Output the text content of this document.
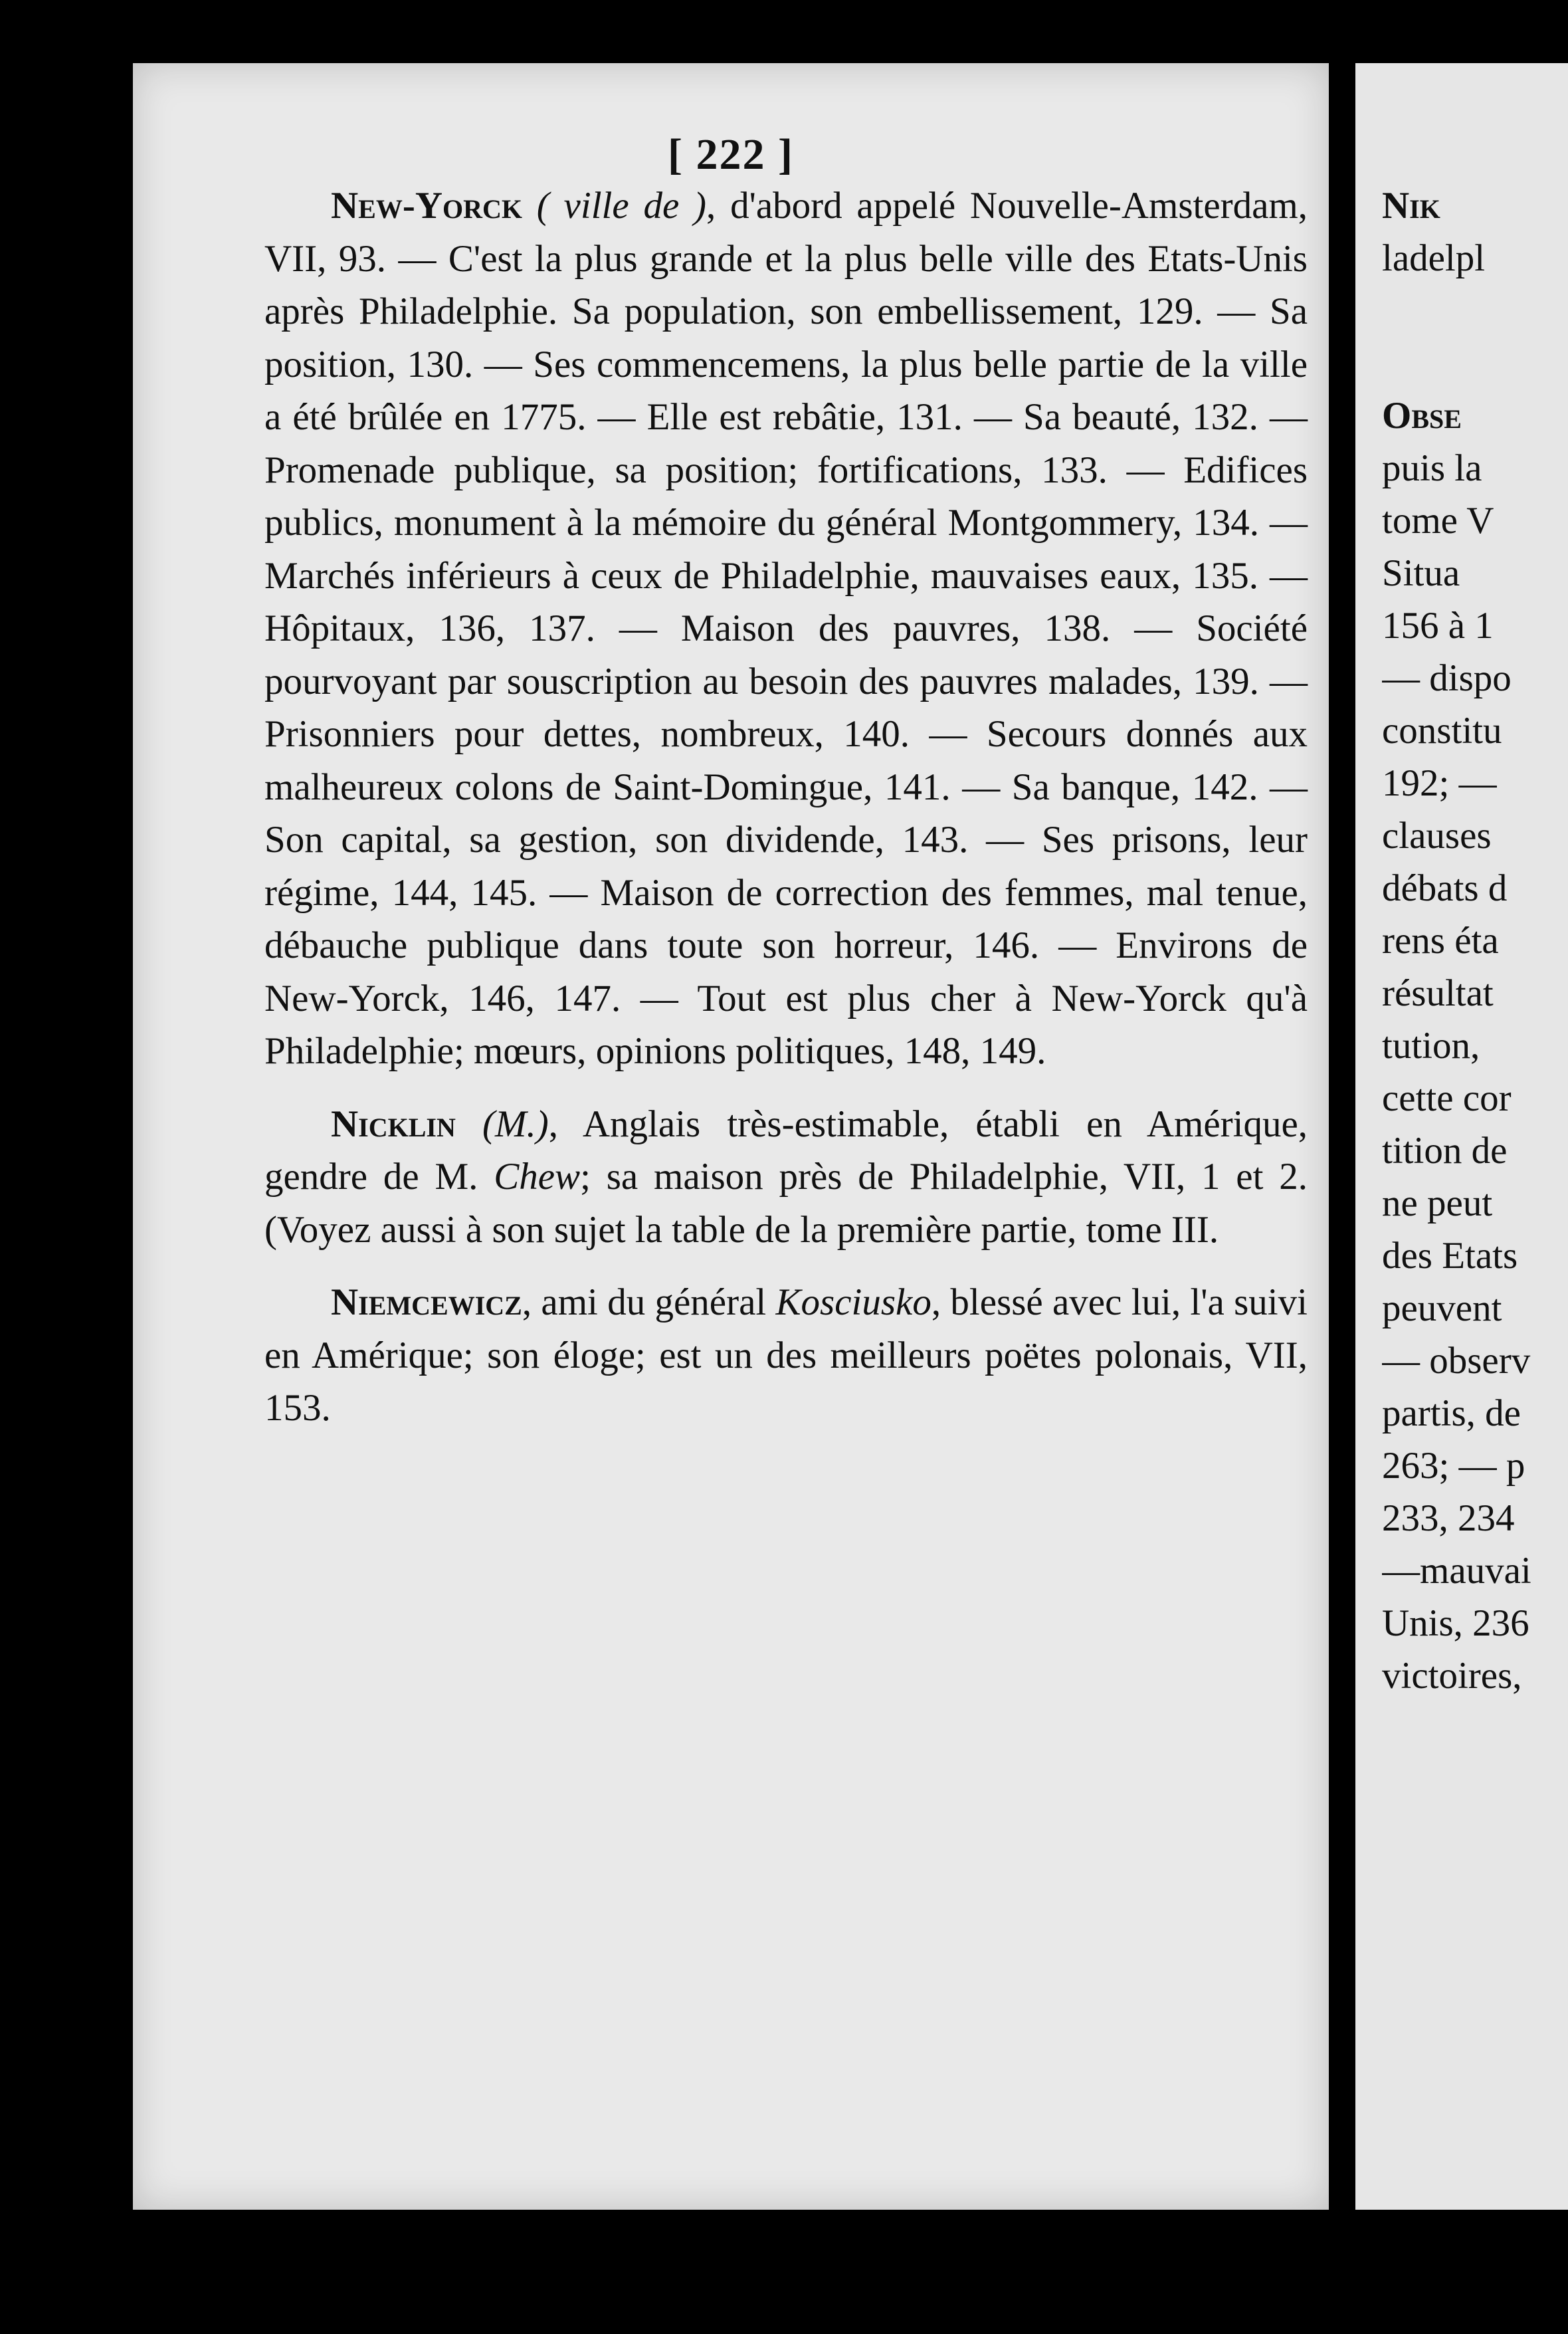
[ 222 ]

New-Yorck ( ville de ), d'abord appelé Nouvelle-Amsterdam, VII, 93. — C'est la plus grande et la plus belle ville des Etats-Unis après Philadelphie. Sa population, son embellissement, 129. — Sa position, 130. — Ses commencemens, la plus belle partie de la ville a été brûlée en 1775. — Elle est rebâtie, 131. — Sa beauté, 132. — Promenade publique, sa position; fortifications, 133. — Edifices publics, monument à la mémoire du général Montgommery, 134. — Marchés inférieurs à ceux de Philadelphie, mauvaises eaux, 135. — Hôpitaux, 136, 137. — Maison des pauvres, 138. — Société pourvoyant par souscription au besoin des pauvres malades, 139. — Prisonniers pour dettes, nombreux, 140. — Secours donnés aux malheureux colons de Saint-Domingue, 141. — Sa banque, 142. — Son capital, sa gestion, son dividende, 143. — Ses prisons, leur régime, 144, 145. — Maison de correction des femmes, mal tenue, débauche publique dans toute son horreur, 146. — Environs de New-Yorck, 146, 147. — Tout est plus cher à New-Yorck qu'à Philadelphie; mœurs, opinions politiques, 148, 149.

Nicklin (M.), Anglais très-estimable, établi en Amérique, gendre de M. Chew; sa maison près de Philadelphie, VII, 1 et 2. (Voyez aussi à son sujet la table de la première partie, tome III.

Niemcewicz, ami du général Kosciusko, blessé avec lui, l'a suivi en Amérique; son éloge; est un des meilleurs poëtes polonais, VII, 153.

Nik
ladelpl
Obse
puis la
tome V
Situa
156 à 1
— dispo
constitu
192; —
clauses
débats d
rens éta
résultat
tution,
cette cor
tition de
ne peut
des Etats
peuvent
— observ
partis, de
263; — p
233, 234
—mauvai
Unis, 236
victoires,
